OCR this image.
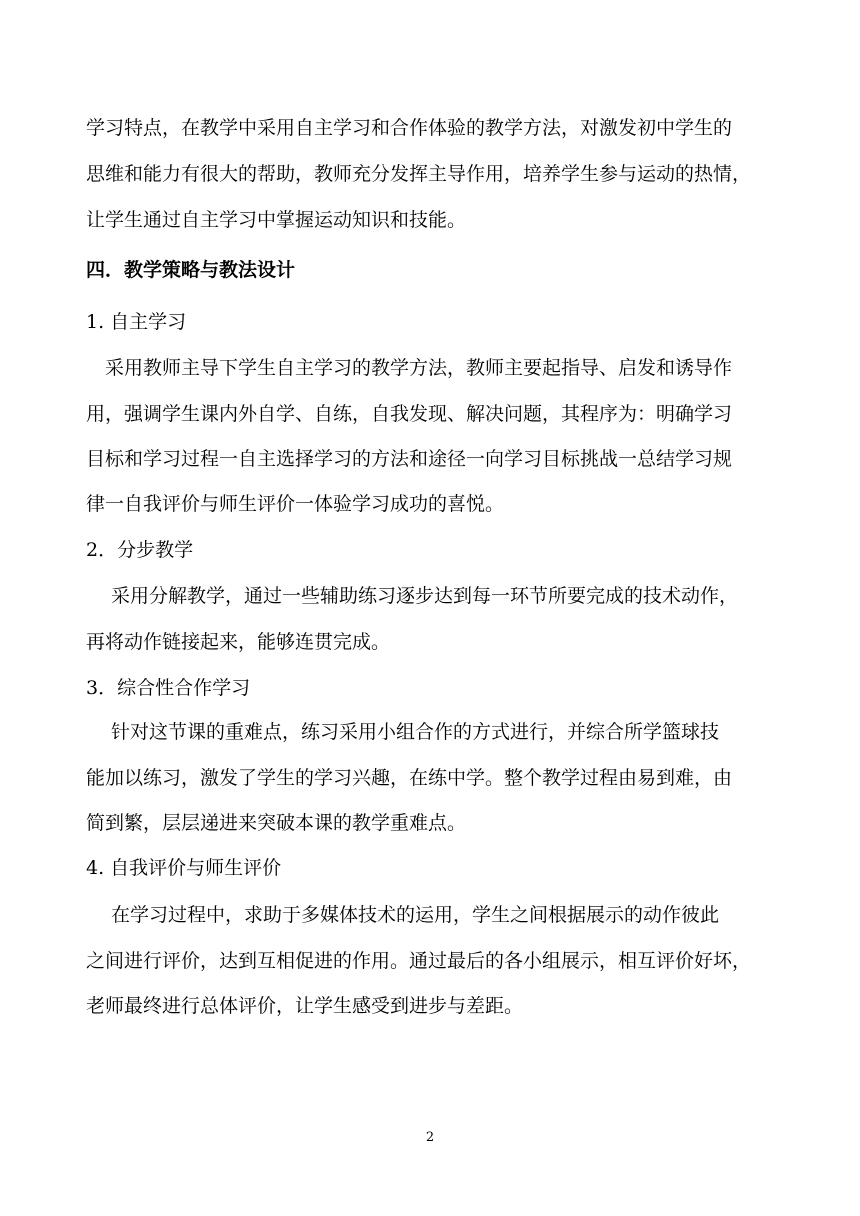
学习特点，在教学中采用自主学习和合作体验的教学方法，对激发初中学生的
思维和能力有很大的帮助，教师充分发挥主导作用，培养学生参与运动的热情，
让学生通过自主学习中掌握运动知识和技能。
四．教学策略与教法设计
1. 自主学习
　采用教师主导下学生自主学习的教学方法，教师主要起指导、启发和诱导作
用，强调学生课内外自学、自练，自我发现、解决问题，其程序为：明确学习
目标和学习过程一自主选择学习的方法和途径一向学习目标挑战一总结学习规
律一自我评价与师生评价一体验学习成功的喜悦。
2．分步教学
　 采用分解教学，通过一些辅助练习逐步达到每一环节所要完成的技术动作，
再将动作链接起来，能够连贯完成。
3．综合性合作学习
　 针对这节课的重难点，练习采用小组合作的方式进行，并综合所学篮球技
能加以练习，激发了学生的学习兴趣，在练中学。整个教学过程由易到难，由
简到繁，层层递进来突破本课的教学重难点。
4. 自我评价与师生评价
　 在学习过程中，求助于多媒体技术的运用，学生之间根据展示的动作彼此
之间进行评价，达到互相促进的作用。通过最后的各小组展示，相互评价好坏，
老师最终进行总体评价，让学生感受到进步与差距。
2
